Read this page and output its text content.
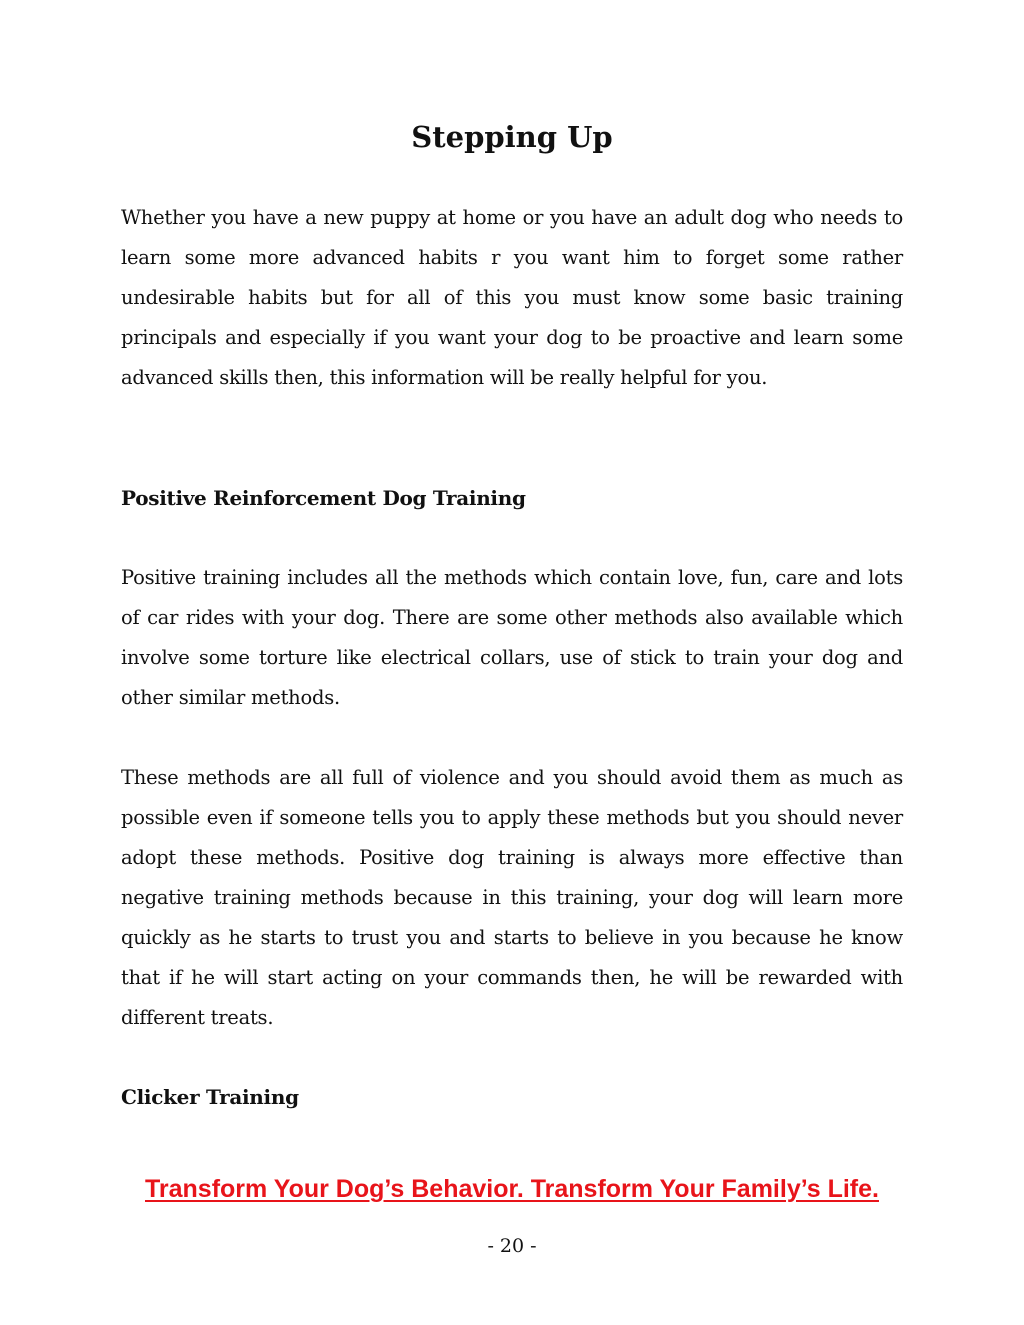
Stepping Up

Whether you have a new puppy at home or you have an adult dog who needs to learn some more advanced habits r you want him to forget some rather undesirable habits but for all of this you must know some basic training principals and especially if you want your dog to be proactive and learn some advanced skills then, this information will be really helpful for you.

Positive Reinforcement Dog Training

Positive training includes all the methods which contain love, fun, care and lots of car rides with your dog. There are some other methods also available which involve some torture like electrical collars, use of stick to train your dog and other similar methods.

These methods are all full of violence and you should avoid them as much as possible even if someone tells you to apply these methods but you should never adopt these methods. Positive dog training is always more effective than negative training methods because in this training, your dog will learn more quickly as he starts to trust you and starts to believe in you because he know that if he will start acting on your commands then, he will be rewarded with different treats.

Clicker Training
Transform Your Dog’s Behavior. Transform Your Family’s Life.
- 20 -
